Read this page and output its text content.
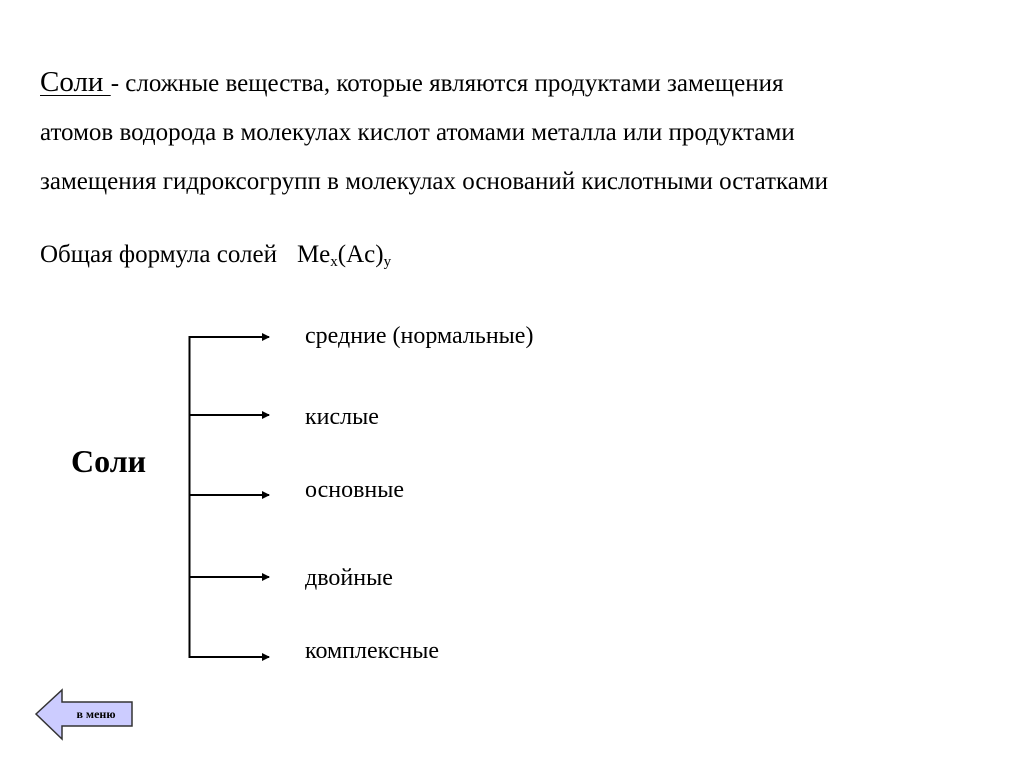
Соли - сложные вещества, которые являются продуктами замещения
атомов водорода в молекулах кислот атомами металла или продуктами
замещения гидроксогрупп в молекулах оснований кислотными остатками
Общая формула солей $Me_x(Ac)_y$
Соли
средние (нормальные)
кислые
основные
двойные
комплексные
в меню
